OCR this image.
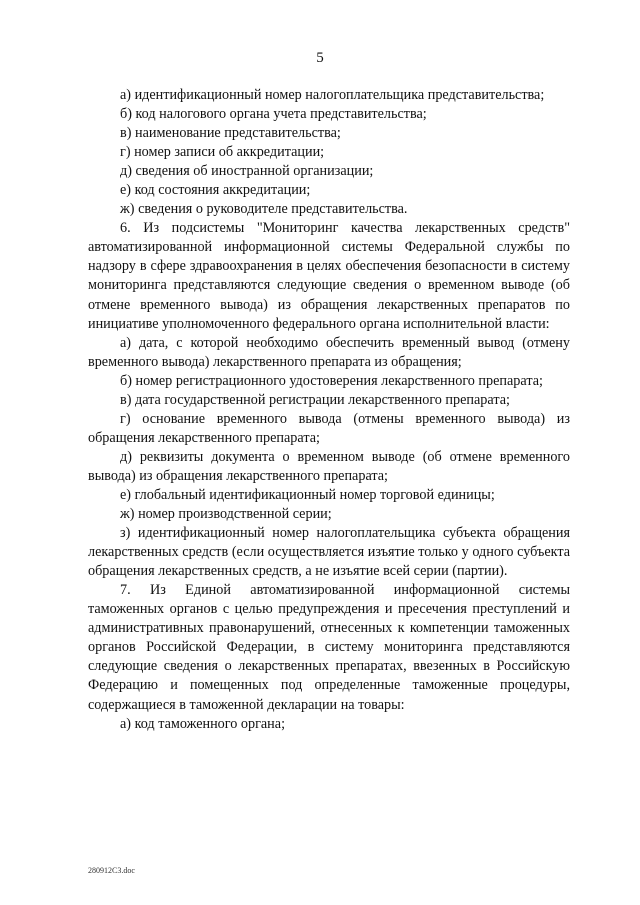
5

а) идентификационный номер налогоплательщика представительства;

б) код налогового органа учета представительства;

в) наименование представительства;

г) номер записи об аккредитации;

д) сведения об иностранной организации;

е) код состояния аккредитации;

ж) сведения о руководителе представительства.

6. Из подсистемы "Мониторинг качества лекарственных средств" автоматизированной информационной системы Федеральной службы по надзору в сфере здравоохранения в целях обеспечения безопасности в систему мониторинга представляются следующие сведения о временном выводе (об отмене временного вывода) из обращения лекарственных препаратов по инициативе уполномоченного федерального органа исполнительной власти:

а) дата, с которой необходимо обеспечить временный вывод (отмену временного вывода) лекарственного препарата из обращения;

б) номер регистрационного удостоверения лекарственного препарата;

в) дата государственной регистрации лекарственного препарата;

г) основание временного вывода (отмены временного вывода) из обращения лекарственного препарата;

д) реквизиты документа о временном выводе (об отмене временного вывода) из обращения лекарственного препарата;

е) глобальный идентификационный номер торговой единицы;

ж) номер производственной серии;

з) идентификационный номер налогоплательщика субъекта обращения лекарственных средств (если осуществляется изъятие только у одного субъекта обращения лекарственных средств, а не изъятие всей серии (партии).

7. Из Единой автоматизированной информационной системы таможенных органов с целью предупреждения и пресечения преступлений и административных правонарушений, отнесенных к компетенции таможенных органов Российской Федерации, в систему мониторинга представляются следующие сведения о лекарственных препаратах, ввезенных в Российскую Федерацию и помещенных под определенные таможенные процедуры, содержащиеся в таможенной декларации на товары:

а) код таможенного органа;

280912С3.doc
